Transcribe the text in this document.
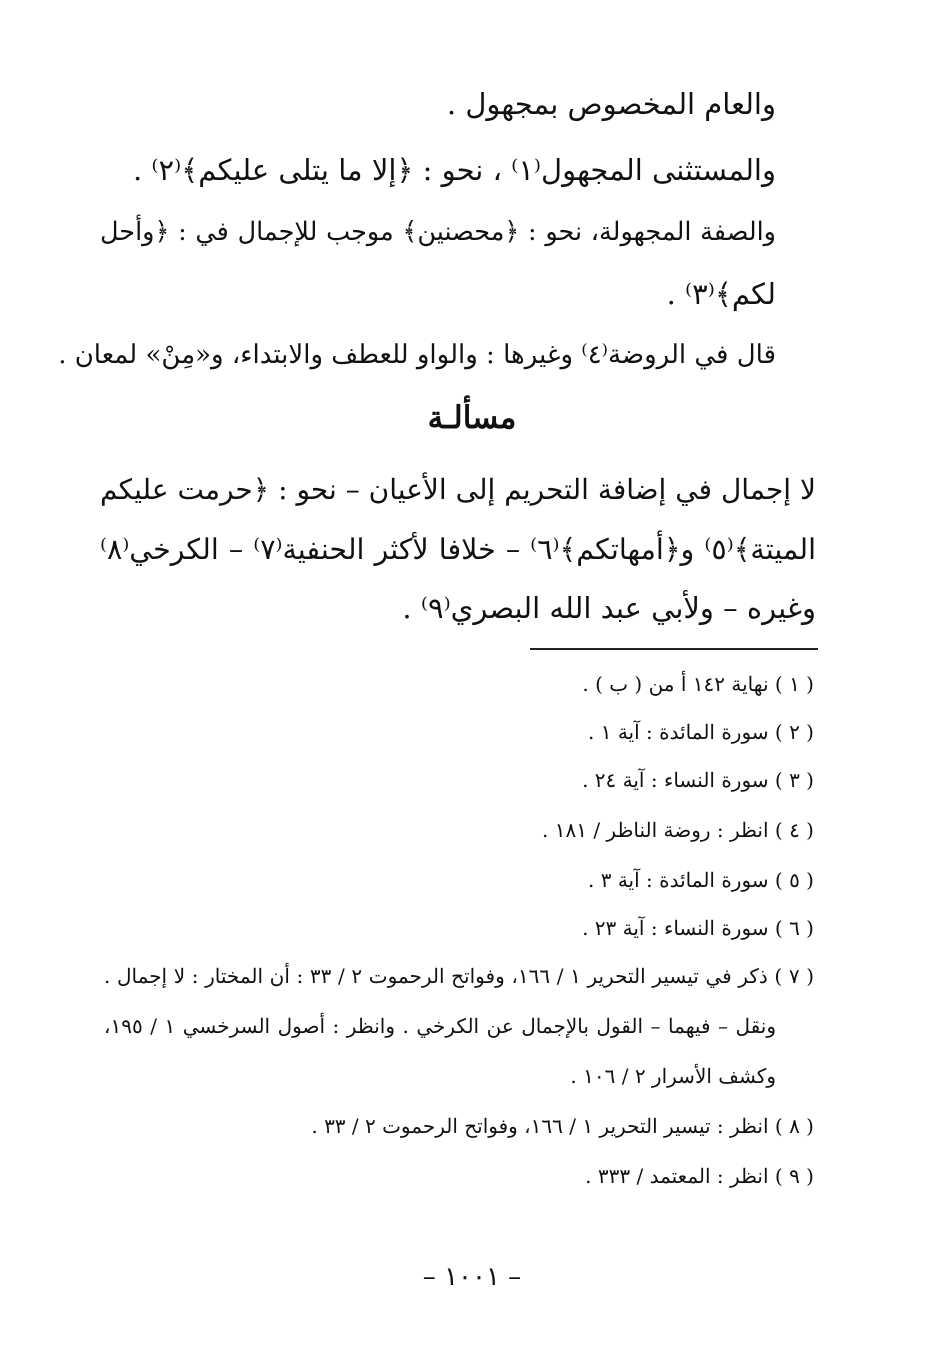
والعام المخصوص بمجهول .
والمستثنى المجهول⁽١⁾ ، نحو : ﴿إلا ما يتلى عليكم﴾⁽٢⁾ .
والصفة المجهولة، نحو : ﴿محصنين﴾ موجب للإجمال في : ﴿وأحل
لكم﴾⁽٣⁾ .
قال في الروضة⁽٤⁾ وغيرها : والواو للعطف والابتداء، و«مِنْ» لمعان .
مسألـة
لا إجمال في إضافة التحريم إلى الأعيان – نحو : ﴿حرمت عليكم
الميتة﴾⁽٥⁾ و﴿أمهاتكم﴾⁽٦⁾ – خلافا لأكثر الحنفية⁽٧⁾ – الكرخي⁽٨⁾
وغيره – ولأبي عبد الله البصري⁽٩⁾ .
( ١ ) نهاية ١٤٢ أ من ( ب ) .
( ٢ ) سورة المائدة : آية ١ .
( ٣ ) سورة النساء : آية ٢٤ .
( ٤ ) انظر : روضة الناظر / ١٨١ .
( ٥ ) سورة المائدة : آية ٣ .
( ٦ ) سورة النساء : آية ٢٣ .
( ٧ ) ذكر في تيسير التحرير ١ / ١٦٦، وفواتح الرحموت ٢ / ٣٣ : أن المختار : لا إجمال .
ونقل – فيهما – القول بالإجمال عن الكرخي . وانظر : أصول السرخسي ١ / ١٩٥،
وكشف الأسرار ٢ / ١٠٦ .
( ٨ ) انظر : تيسير التحرير ١ / ١٦٦، وفواتح الرحموت ٢ / ٣٣ .
( ٩ ) انظر : المعتمد / ٣٣٣ .
– ١٠٠١ –
